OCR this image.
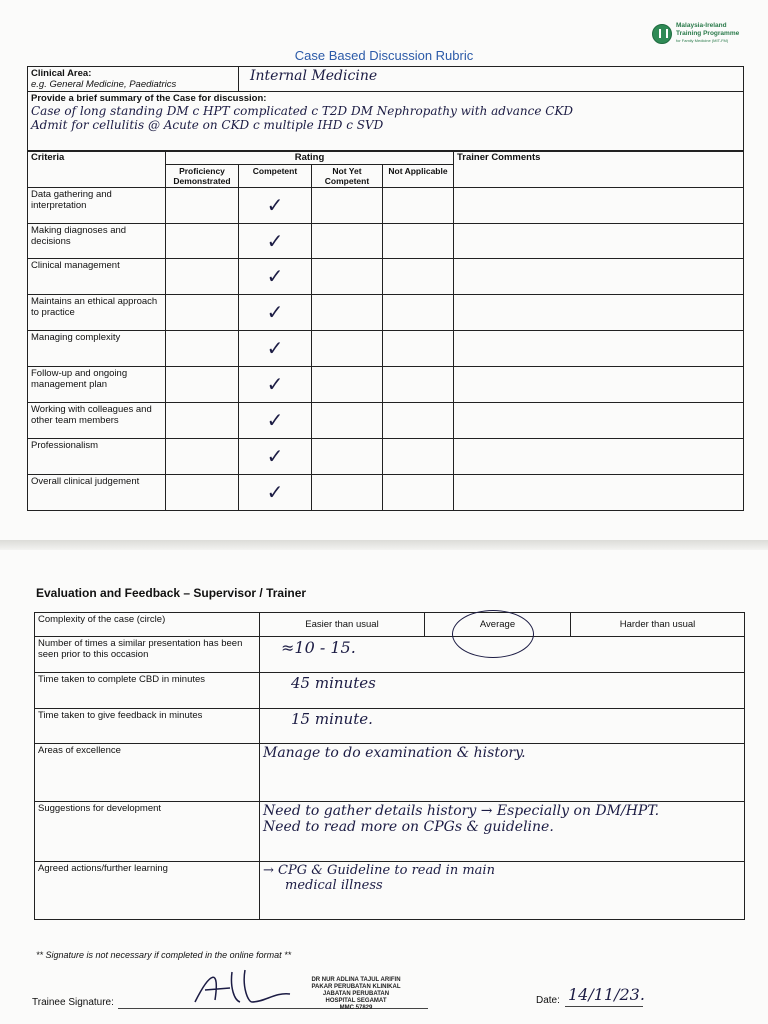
Malaysia-Ireland
Training Programme
for Family Medicine (MIT-FM)
Case Based Discussion Rubric
Clinical Area:
e.g. General Medicine, Paediatrics
	Internal Medicine

Provide a brief summary of the Case for discussion:
Case of long standing DM c HPT complicated c T2D DM Nephropathy with advance CKD
Admit for cellulitis @ Acute on CKD c multiple IHD c SVD
Criteria	Rating				Trainer Comments
	Proficiency Demonstrated	Competent	Not Yet Competent	Not Applicable	
Data gathering and interpretation		✓			

Making diagnoses and decisions		✓			

Clinical management		✓			

Maintains an ethical approach to practice		✓			

Managing complexity		✓			

Follow-up and ongoing management plan		✓			

Working with colleagues and other team members		✓			

Professionalism		✓			

Overall clinical judgement		✓			

Evaluation and Feedback – Supervisor / Trainer
Complexity of the case (circle)	Easier than usual	Average	Harder than usual
Number of times a similar presentation has been seen prior to this occasion	≈10 - 15.		
Time taken to complete CBD in minutes	45 minutes		
Time taken to give feedback in minutes	15 minute.		
Areas of excellence	Manage to do examination & history.		
Suggestions for development	Need to gather details history → Especially on DM/HPT.
Need to read more on CPGs & guideline.		

Agreed actions/further learning	→ CPG & Guideline to read in main
medical illness		
** Signature is not necessary if completed in the online format **
Trainee Signature:
DR NUR ADLINA TAJUL ARIFIN
PAKAR PERUBATAN KLINIKAL
JABATAN PERUBATAN
HOSPITAL SEGAMAT
MMC 57829
Date: 14/11/23.
